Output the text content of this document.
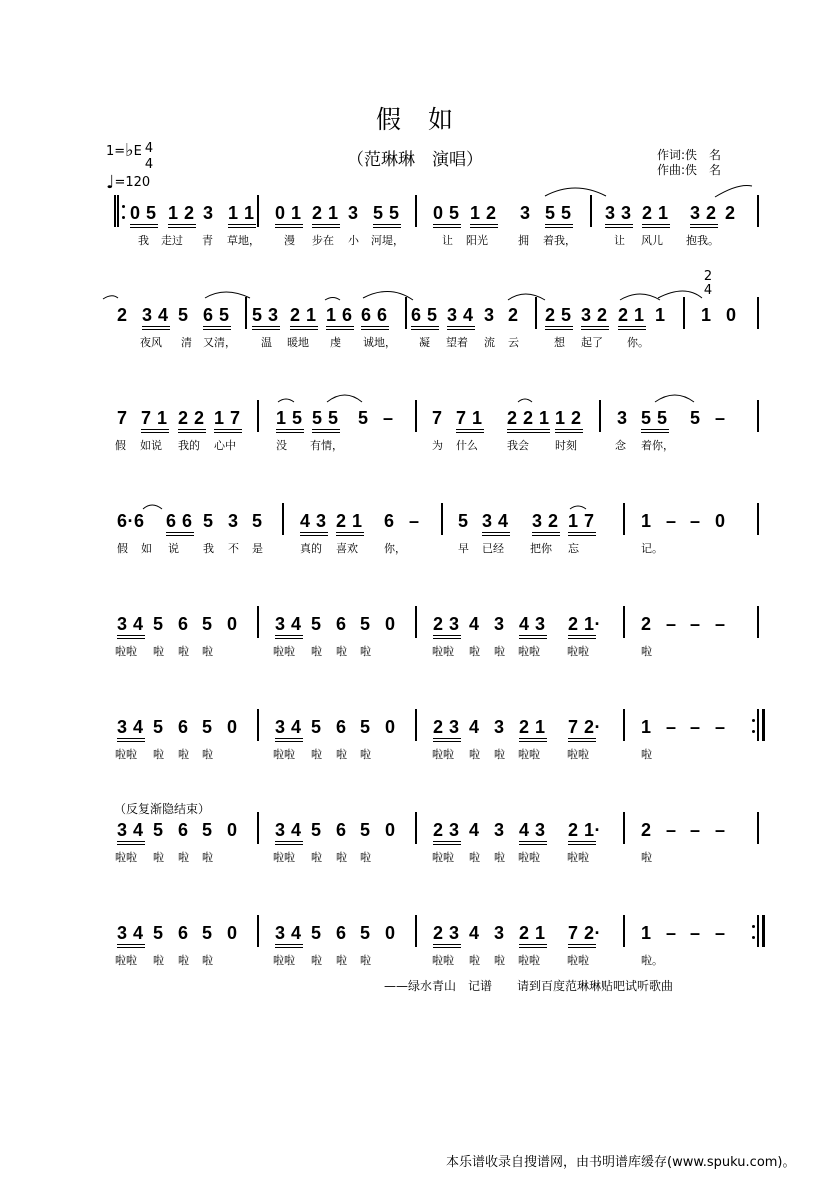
假　如
（范琳琳　演唱）	作词:佚　名
作曲:佚　名
1=♭E 4
4
♩=120
2
4
0 5 1 2 3 1 1 0 1 2 1 3 5 5 0 5 1 2 3 5 5 3 3 2 1 3 2 2
我 走过 青 草地， 漫 步在 小 河堤，	让 阳光	拥 着我，	让 风儿 抱我。
2 3 4 5 6 5 5 3 2 1 1 6 6 6 6 5 3 4 3 2 2 5 3 2 2 1 1 1 0
夜风 清 又清， 温 暖地 虔 诚地， 凝 望着 流 云	想 起了 你。
7 7 1 2 2 1 7 1 5 5 5 5 – 7 7 1 2 2 1 1 2 3 5 5 5 –
假 如说 我的 心中	没 有情，	为 什么	我会 时刻	念 着你，
6·6 6 6 5 3 5 4 3 2 1 6 – 5 3 4 3 2 1 7	1 – – 0
假 如 说 我 不 是	真的 喜欢 你，	早 已经 把你 忘	记。
3 4 5 6 5 0 3 4 5 6 5 0 2 3 4 3 4 3 2 1· 2 – – –
啦啦 啦 啦 啦	啦啦 啦 啦 啦	啦啦 啦 啦 啦啦 啦啦	啦
3 4 5 6 5 0 3 4 5 6 5 0 2 3 4 3 2 1 7 2· 1 – – –
啦啦 啦 啦 啦	啦啦 啦 啦 啦	啦啦 啦 啦 啦啦 啦啦	啦
3 4 5 6 5 0 3 4 5 6 5 0 2 3 4 3 4 3 2 1· 2 – – –
啦啦 啦 啦 啦	啦啦 啦 啦 啦	啦啦 啦 啦 啦啦 啦啦	啦
3 4 5 6 5 0 3 4 5 6 5 0 2 3 4 3 2 1 7 2· 1 – – –
啦啦 啦 啦 啦	啦啦 啦 啦 啦	啦啦 啦 啦 啦啦 啦啦	啦。
（反复渐隐结束）
——绿水青山　记谱 请到百度范琳琳贴吧试听歌曲
本乐谱收录自搜谱网，由书明谱库缓存(www.spuku.com)。
